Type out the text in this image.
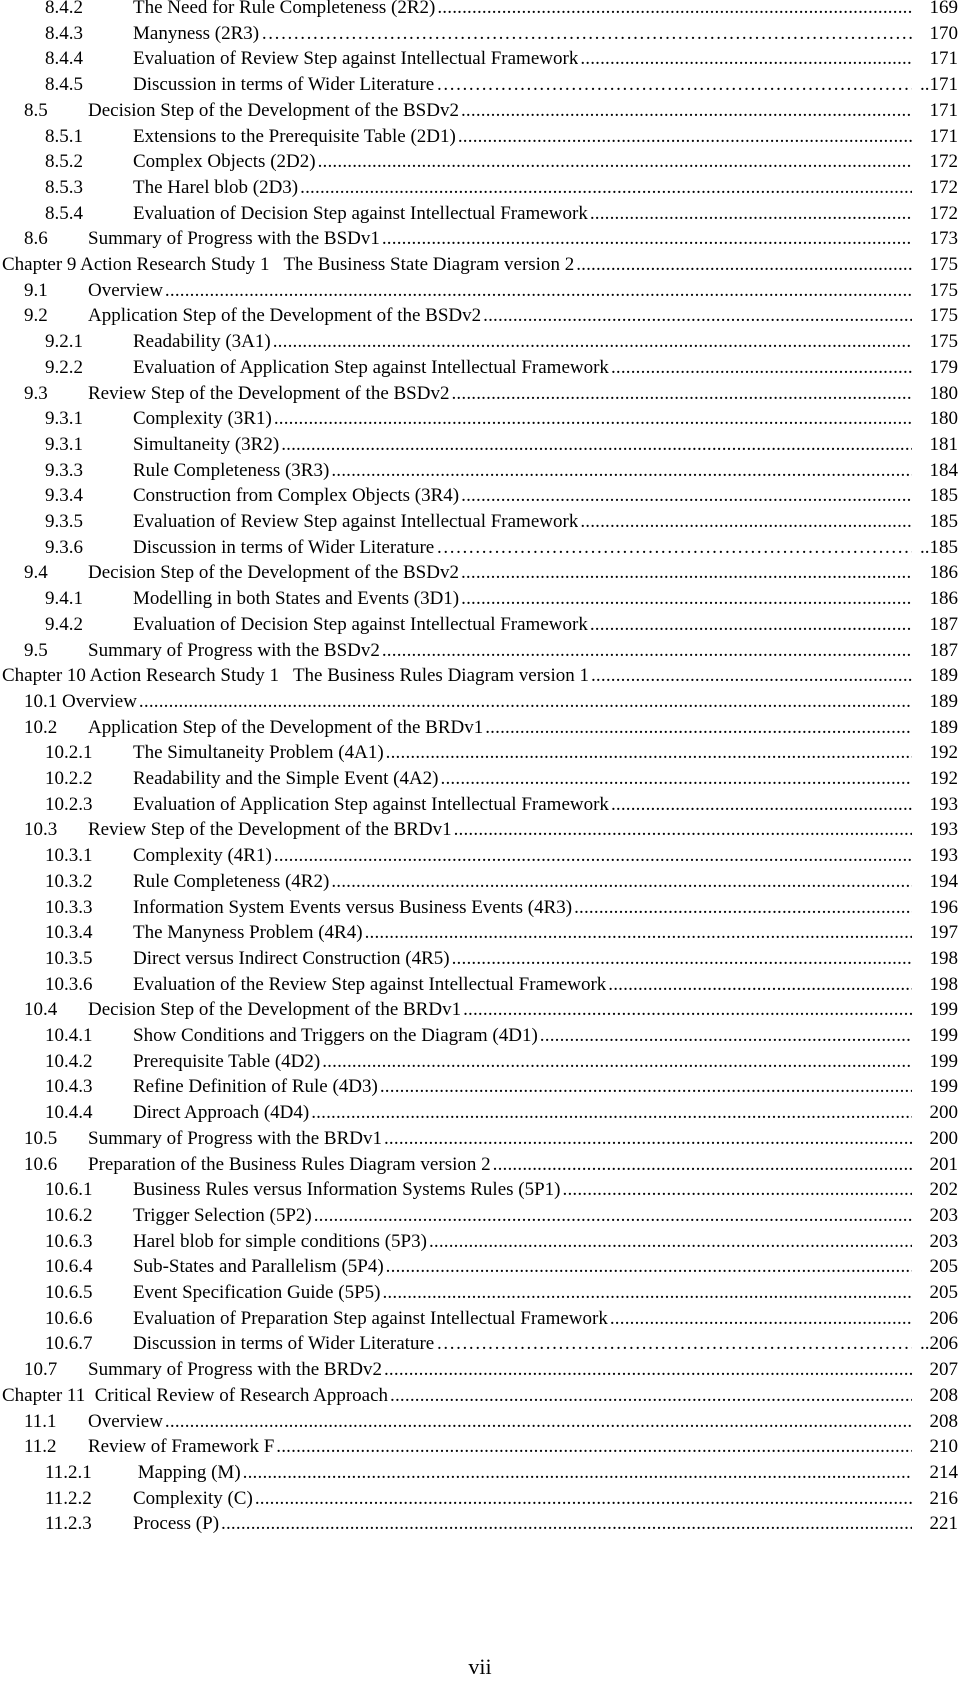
8.4.2	The Need for Rule Completeness (2R2) .....	169
8.4.3	Manyness (2R3) ………………………………………………………………………………………………………………………	170
8.4.4	Evaluation of Review Step against Intellectual Framework .....	171
8.4.5	Discussion in terms of Wider Literature ………………………………………………………………………………………………………………………	..171
8.5 Decision Step of the Development of the BSDv2 .....	171
8.5.1	Extensions to the Prerequisite Table (2D1) .....	171
8.5.2	Complex Objects (2D2) .....	172
8.5.3	The Harel blob (2D3) .....	172
8.5.4	Evaluation of Decision Step against Intellectual Framework .....	172
8.6 Summary of Progress with the BSDv1 .....	173
Chapter 9 Action Research Study 1   The Business State Diagram version 2 .....	175
9.1 Overview .....	175
9.2 Application Step of the Development of the BSDv2 .....	175
9.2.1	Readability (3A1) .....	175
9.2.2	Evaluation of Application Step against Intellectual Framework .....	179
9.3 Review Step of the Development of the BSDv2 .....	180
9.3.1	Complexity (3R1) .....	180
9.3.1	Simultaneity (3R2) .....	181
9.3.3	Rule Completeness (3R3) .....	184
9.3.4	Construction from Complex Objects (3R4) .....	185
9.3.5	Evaluation of Review Step against Intellectual Framework .....	185
9.3.6	Discussion in terms of Wider Literature ………………………………………………………………………………………………………………………	..185
9.4 Decision Step of the Development of the BSDv2 .....	186
9.4.1	Modelling in both States and Events (3D1) .....	186
9.4.2	Evaluation of Decision Step against Intellectual Framework .....	187
9.5 Summary of Progress with the BSDv2 .....	187
Chapter 10 Action Research Study 1   The Business Rules Diagram version 1 .....	189
10.1 Overview .....	189
10.2 Application Step of the Development of the BRDv1 .....	189
10.2.1 The Simultaneity Problem (4A1) .....	192
10.2.2 Readability and the Simple Event (4A2) .....	192
10.2.3 Evaluation of Application Step against Intellectual Framework .....	193
10.3 Review Step of the Development of the BRDv1 .....	193
10.3.1 Complexity (4R1) .....	193
10.3.2 Rule Completeness (4R2) .....	194
10.3.3 Information System Events versus Business Events (4R3) .....	196
10.3.4 The Manyness Problem (4R4) .....	197
10.3.5 Direct versus Indirect Construction (4R5) .....	198
10.3.6 Evaluation of the Review Step against Intellectual Framework .....	198
10.4 Decision Step of the Development of the BRDv1 .....	199
10.4.1 Show Conditions and Triggers on the Diagram (4D1) .....	199
10.4.2 Prerequisite Table (4D2) .....	199
10.4.3 Refine Definition of Rule (4D3) .....	199
10.4.4 Direct Approach (4D4) .....	200
10.5 Summary of Progress with the BRDv1 .....	200
10.6 Preparation of the Business Rules Diagram version 2 .....	201
10.6.1 Business Rules versus Information Systems Rules (5P1) .....	202
10.6.2 Trigger Selection (5P2) .....	203
10.6.3 Harel blob for simple conditions (5P3) .....	203
10.6.4 Sub-States and Parallelism (5P4) .....	205
10.6.5 Event Specification Guide (5P5) .....	205
10.6.6 Evaluation of Preparation Step against Intellectual Framework .....	206
10.6.7 Discussion in terms of Wider Literature ………………………………………………………………………………………………………………………	..206
10.7 Summary of Progress with the BRDv2 .....	207
Chapter 11  Critical Review of Research Approach .....	208
11.1 Overview .....	208
11.2 Review of Framework F .....	210
11.2.1 Mapping (M) .....	214
11.2.2 Complexity (C) .....	216
11.2.3 Process (P) .....	221
vii
